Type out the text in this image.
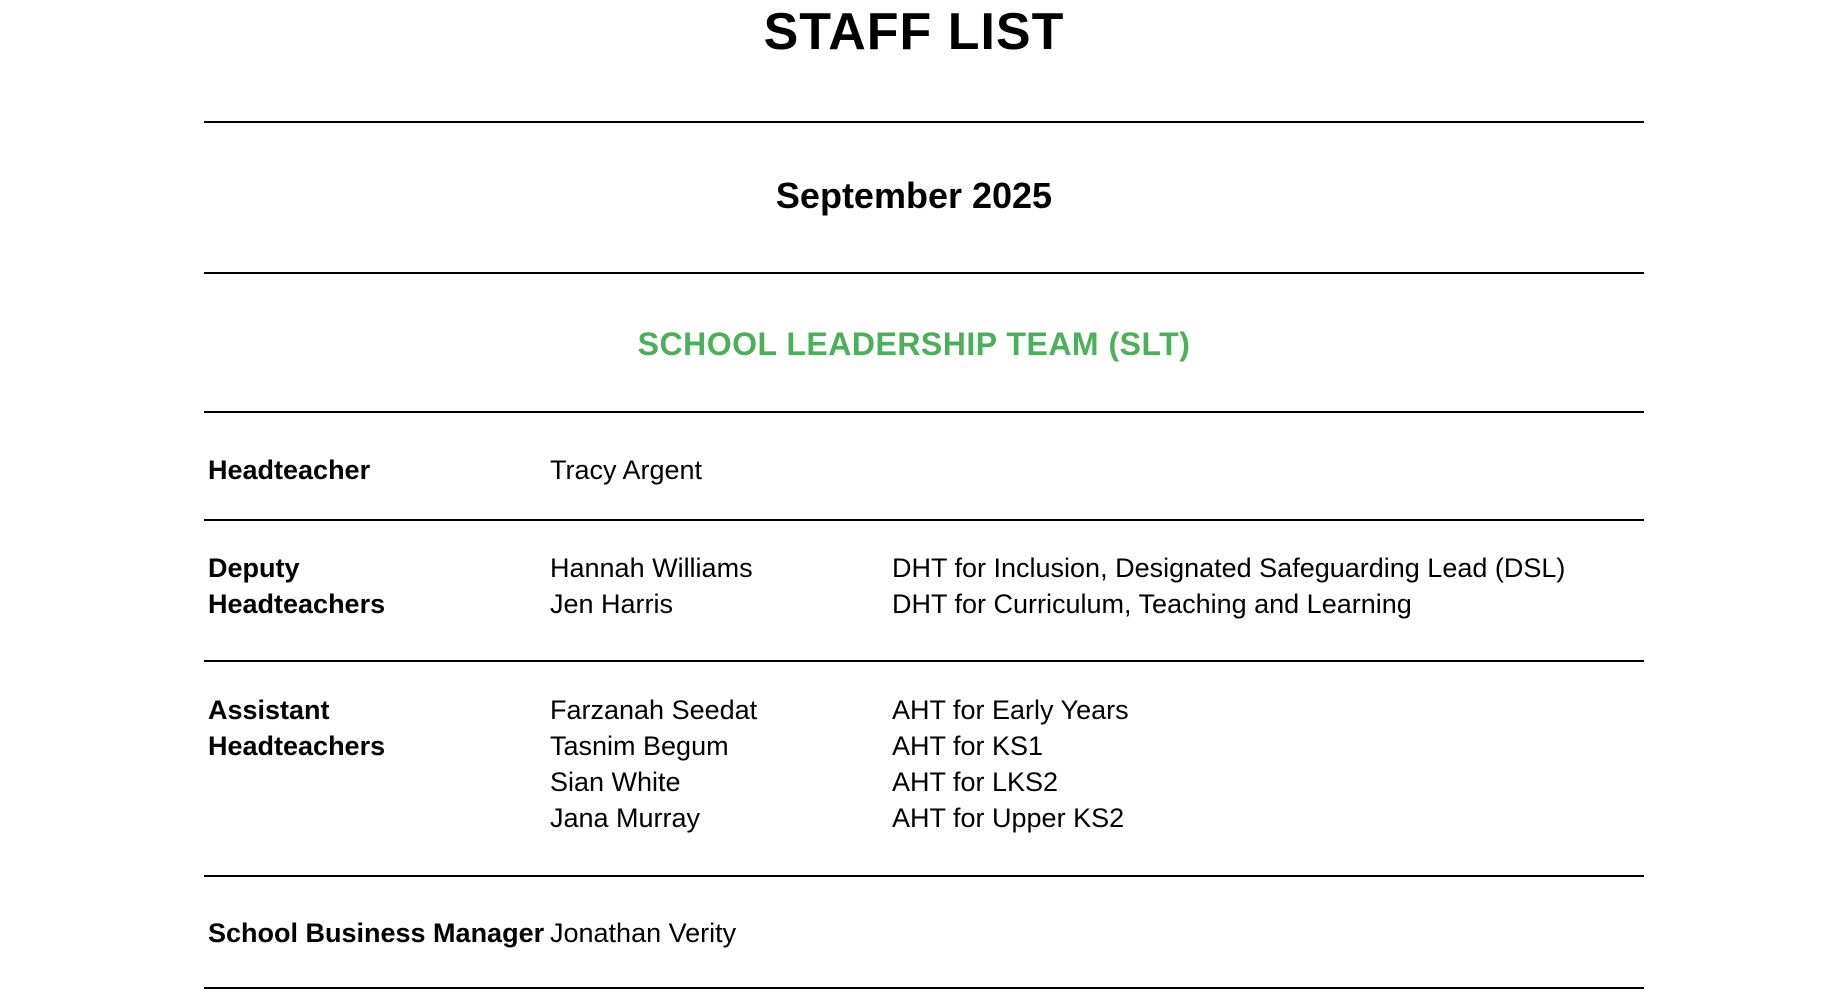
STAFF LIST
September 2025
SCHOOL LEADERSHIP TEAM (SLT)
Headteacher	Tracy Argent
Deputy
Headteachers
Hannah Williams
Jen Harris
DHT for Inclusion, Designated Safeguarding Lead (DSL)
DHT for Curriculum, Teaching and Learning
Assistant
Headteachers
Farzanah Seedat
Tasnim Begum
Sian White
Jana Murray
AHT for Early Years
AHT for KS1
AHT for LKS2
AHT for Upper KS2
School Business Manager Jonathan Verity
